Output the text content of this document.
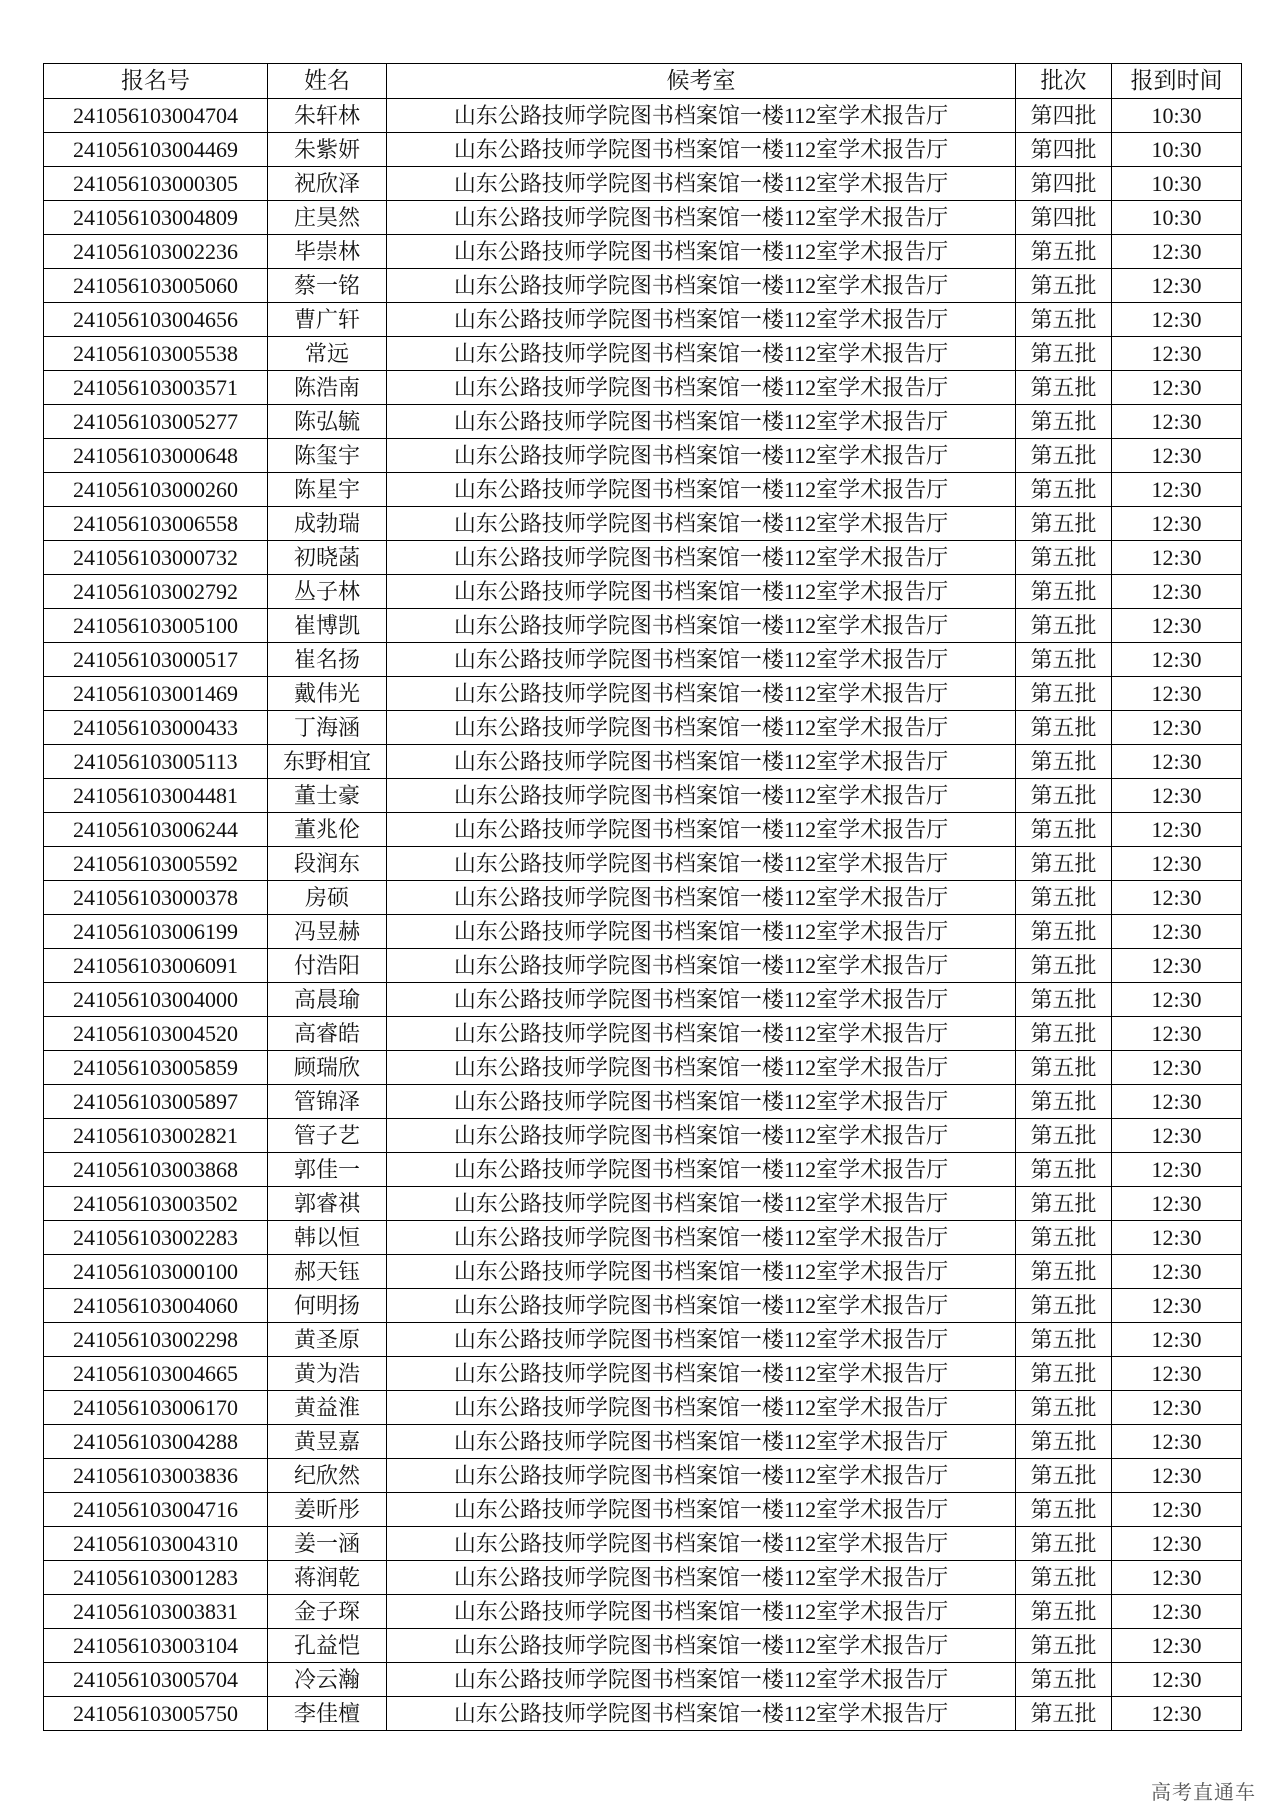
报名号	姓名	候考室	批次	报到时间
241056103004704	朱轩林	山东公路技师学院图书档案馆一楼112室学术报告厅	第四批	10:30
241056103004469	朱紫妍	山东公路技师学院图书档案馆一楼112室学术报告厅	第四批	10:30
241056103000305	祝欣泽	山东公路技师学院图书档案馆一楼112室学术报告厅	第四批	10:30
241056103004809	庄昊然	山东公路技师学院图书档案馆一楼112室学术报告厅	第四批	10:30
241056103002236	毕崇林	山东公路技师学院图书档案馆一楼112室学术报告厅	第五批	12:30
241056103005060	蔡一铭	山东公路技师学院图书档案馆一楼112室学术报告厅	第五批	12:30
241056103004656	曹广轩	山东公路技师学院图书档案馆一楼112室学术报告厅	第五批	12:30
241056103005538	常远	山东公路技师学院图书档案馆一楼112室学术报告厅	第五批	12:30
241056103003571	陈浩南	山东公路技师学院图书档案馆一楼112室学术报告厅	第五批	12:30
241056103005277	陈弘毓	山东公路技师学院图书档案馆一楼112室学术报告厅	第五批	12:30
241056103000648	陈玺宇	山东公路技师学院图书档案馆一楼112室学术报告厅	第五批	12:30
241056103000260	陈星宇	山东公路技师学院图书档案馆一楼112室学术报告厅	第五批	12:30
241056103006558	成勃瑞	山东公路技师学院图书档案馆一楼112室学术报告厅	第五批	12:30
241056103000732	初晓菡	山东公路技师学院图书档案馆一楼112室学术报告厅	第五批	12:30
241056103002792	丛子林	山东公路技师学院图书档案馆一楼112室学术报告厅	第五批	12:30
241056103005100	崔博凯	山东公路技师学院图书档案馆一楼112室学术报告厅	第五批	12:30
241056103000517	崔名扬	山东公路技师学院图书档案馆一楼112室学术报告厅	第五批	12:30
241056103001469	戴伟光	山东公路技师学院图书档案馆一楼112室学术报告厅	第五批	12:30
241056103000433	丁海涵	山东公路技师学院图书档案馆一楼112室学术报告厅	第五批	12:30
241056103005113	东野相宜	山东公路技师学院图书档案馆一楼112室学术报告厅	第五批	12:30
241056103004481	董士豪	山东公路技师学院图书档案馆一楼112室学术报告厅	第五批	12:30
241056103006244	董兆伦	山东公路技师学院图书档案馆一楼112室学术报告厅	第五批	12:30
241056103005592	段润东	山东公路技师学院图书档案馆一楼112室学术报告厅	第五批	12:30
241056103000378	房硕	山东公路技师学院图书档案馆一楼112室学术报告厅	第五批	12:30
241056103006199	冯昱赫	山东公路技师学院图书档案馆一楼112室学术报告厅	第五批	12:30
241056103006091	付浩阳	山东公路技师学院图书档案馆一楼112室学术报告厅	第五批	12:30
241056103004000	高晨瑜	山东公路技师学院图书档案馆一楼112室学术报告厅	第五批	12:30
241056103004520	高睿皓	山东公路技师学院图书档案馆一楼112室学术报告厅	第五批	12:30
241056103005859	顾瑞欣	山东公路技师学院图书档案馆一楼112室学术报告厅	第五批	12:30
241056103005897	管锦泽	山东公路技师学院图书档案馆一楼112室学术报告厅	第五批	12:30
241056103002821	管子艺	山东公路技师学院图书档案馆一楼112室学术报告厅	第五批	12:30
241056103003868	郭佳一	山东公路技师学院图书档案馆一楼112室学术报告厅	第五批	12:30
241056103003502	郭睿祺	山东公路技师学院图书档案馆一楼112室学术报告厅	第五批	12:30
241056103002283	韩以恒	山东公路技师学院图书档案馆一楼112室学术报告厅	第五批	12:30
241056103000100	郝天钰	山东公路技师学院图书档案馆一楼112室学术报告厅	第五批	12:30
241056103004060	何明扬	山东公路技师学院图书档案馆一楼112室学术报告厅	第五批	12:30
241056103002298	黄圣原	山东公路技师学院图书档案馆一楼112室学术报告厅	第五批	12:30
241056103004665	黄为浩	山东公路技师学院图书档案馆一楼112室学术报告厅	第五批	12:30
241056103006170	黄益淮	山东公路技师学院图书档案馆一楼112室学术报告厅	第五批	12:30
241056103004288	黄昱嘉	山东公路技师学院图书档案馆一楼112室学术报告厅	第五批	12:30
241056103003836	纪欣然	山东公路技师学院图书档案馆一楼112室学术报告厅	第五批	12:30
241056103004716	姜昕彤	山东公路技师学院图书档案馆一楼112室学术报告厅	第五批	12:30
241056103004310	姜一涵	山东公路技师学院图书档案馆一楼112室学术报告厅	第五批	12:30
241056103001283	蒋润乾	山东公路技师学院图书档案馆一楼112室学术报告厅	第五批	12:30
241056103003831	金子琛	山东公路技师学院图书档案馆一楼112室学术报告厅	第五批	12:30
241056103003104	孔益恺	山东公路技师学院图书档案馆一楼112室学术报告厅	第五批	12:30
241056103005704	冷云瀚	山东公路技师学院图书档案馆一楼112室学术报告厅	第五批	12:30
241056103005750	李佳檀	山东公路技师学院图书档案馆一楼112室学术报告厅	第五批	12:30
高考直通车
